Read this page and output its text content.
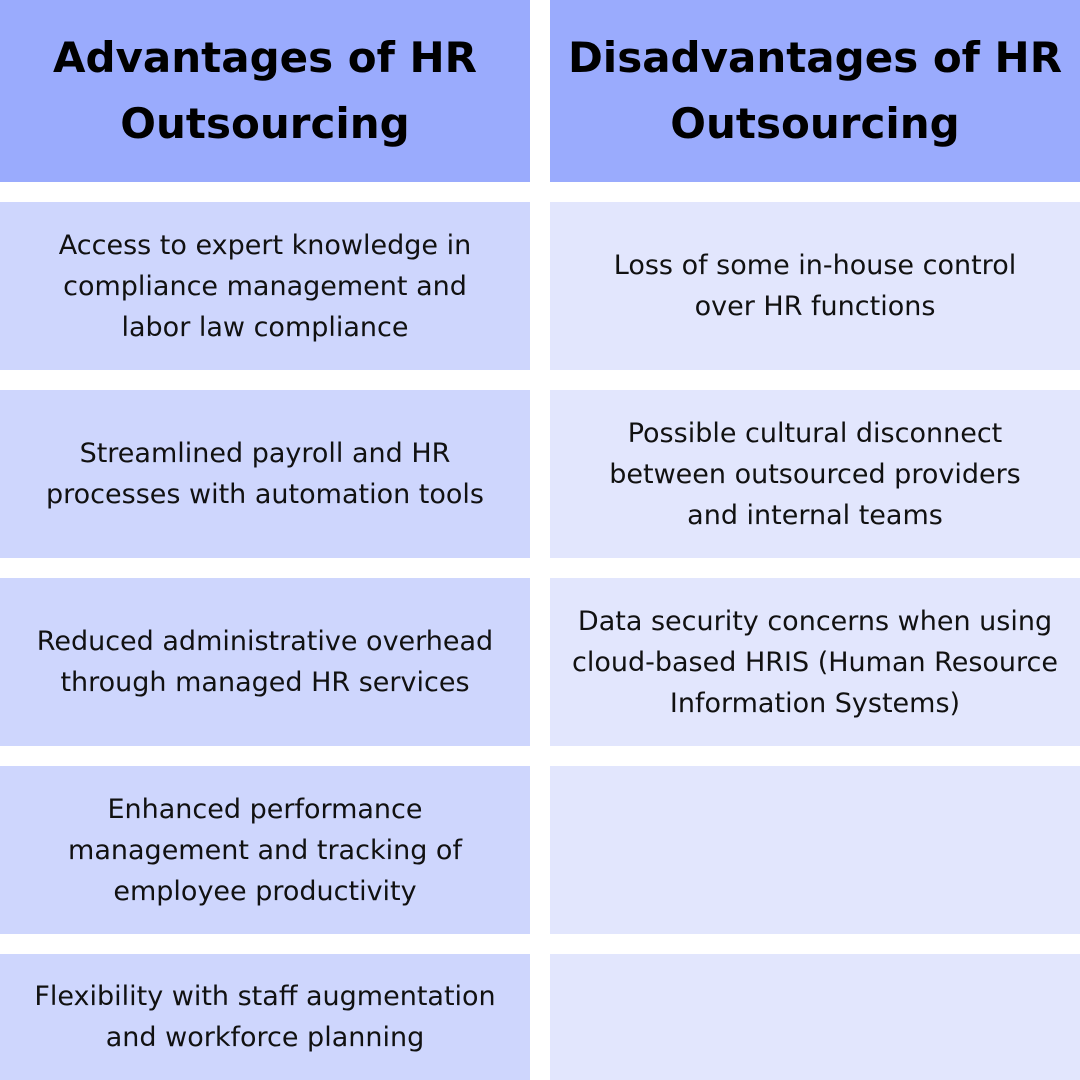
Advantages of HR Outsourcing
Disadvantages of HR Outsourcing
Access to expert knowledge in compliance management and labor law compliance
Loss of some in-house control over HR functions
Streamlined payroll and HR processes with automation tools
Possible cultural disconnect between outsourced providers and internal teams
Reduced administrative overhead through managed HR services
Data security concerns when using cloud-based HRIS (Human Resource Information Systems)
Enhanced performance management and tracking of employee productivity
Flexibility with staff augmentation and workforce planning
